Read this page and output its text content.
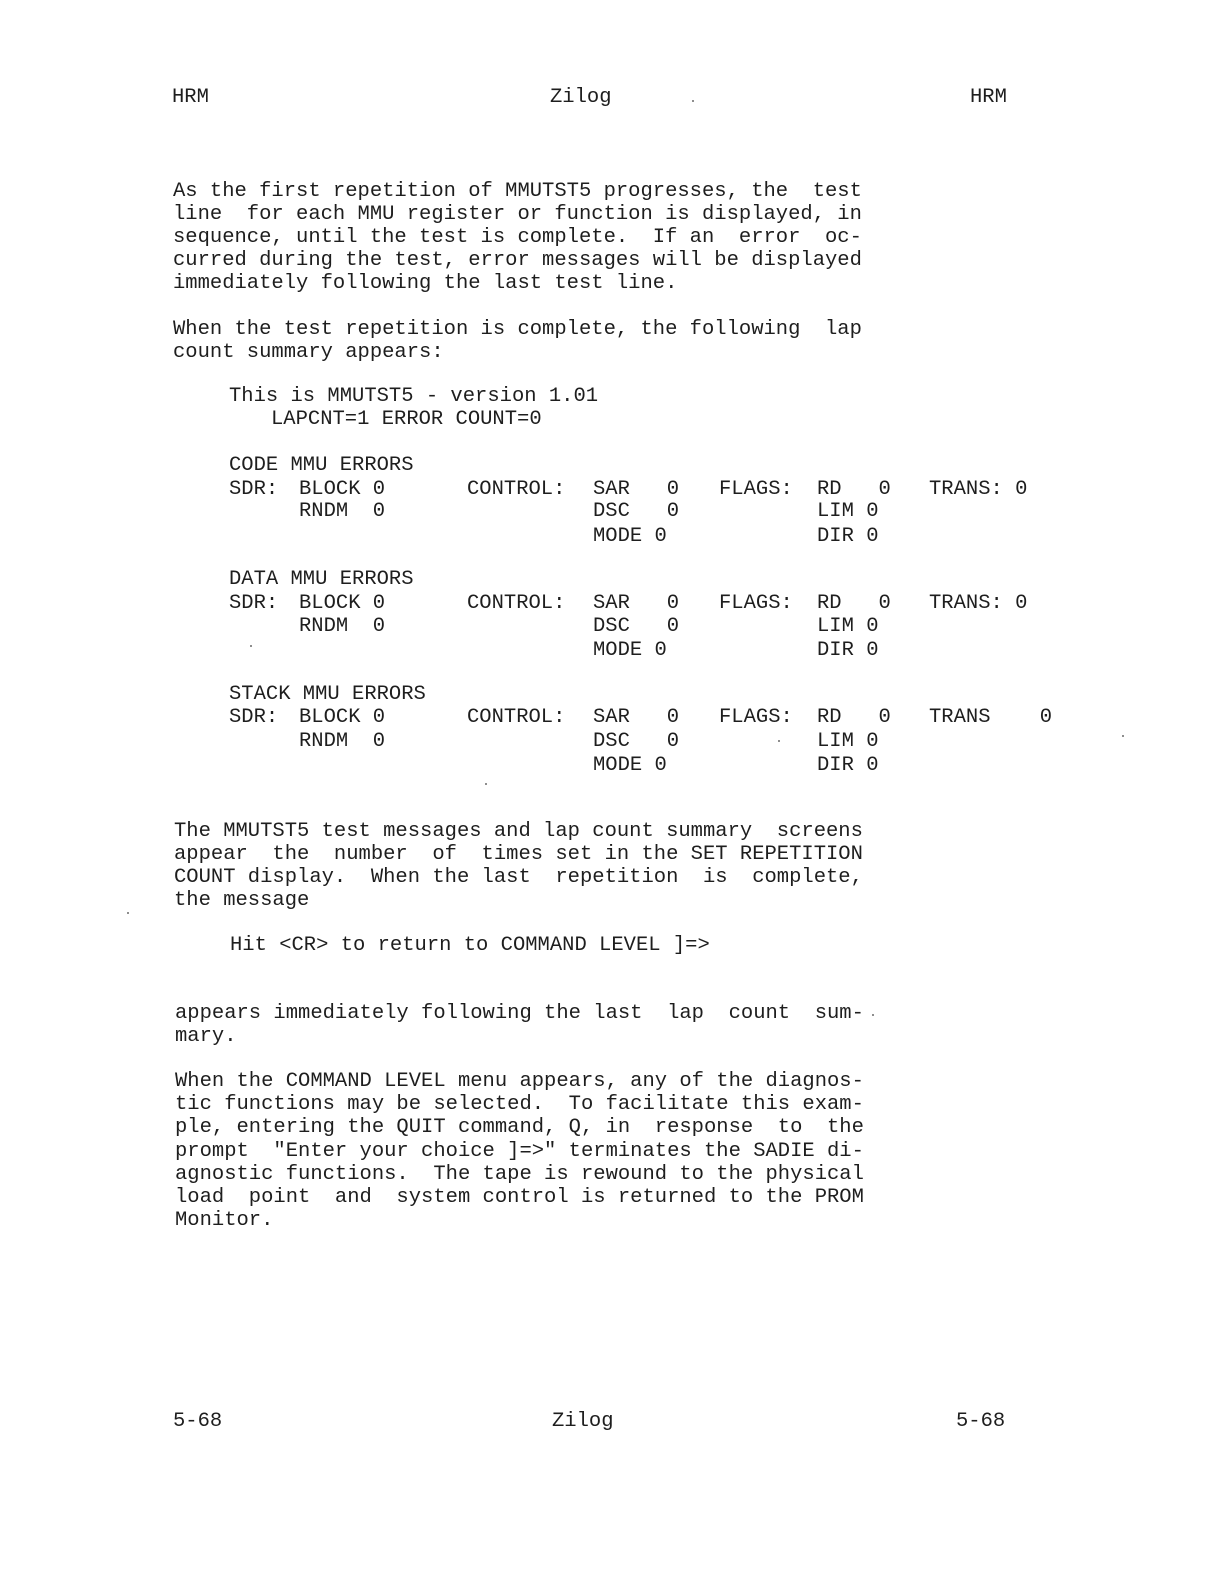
HRM	Zilog	HRM
As the first repetition of MMUTST5 progresses, the  test
line  for each MMU register or function is displayed, in
sequence, until the test is complete.  If an  error  oc-
curred during the test, error messages will be displayed
immediately following the last test line.
When the test repetition is complete, the following  lap
count summary appears:
This is MMUTST5 - version 1.01
LAPCNT=1 ERROR COUNT=0
CODE MMU ERRORS
SDR: BLOCK 0	CONTROL: SAR   0 FLAGS: RD   0 TRANS: 0
RNDM  0	DSC   0	LIM 0
MODE 0	DIR 0
DATA MMU ERRORS
SDR: BLOCK 0	CONTROL: SAR   0 FLAGS: RD   0 TRANS: 0
RNDM  0	DSC   0	LIM 0
MODE 0	DIR 0
STACK MMU ERRORS
SDR: BLOCK 0	CONTROL: SAR   0 FLAGS: RD   0 TRANS    0
RNDM  0	DSC   0	LIM 0
MODE 0	DIR 0
The MMUTST5 test messages and lap count summary  screens
appear  the  number  of  times set in the SET REPETITION
COUNT display.  When the last  repetition  is  complete,
the message
Hit <CR> to return to COMMAND LEVEL ]=>
appears immediately following the last  lap  count  sum-
mary.
When the COMMAND LEVEL menu appears, any of the diagnos-
tic functions may be selected.  To facilitate this exam-
ple, entering the QUIT command, Q, in  response  to  the
prompt  "Enter your choice ]=>" terminates the SADIE di-
agnostic functions.  The tape is rewound to the physical
load  point  and  system control is returned to the PROM
Monitor.
5-68	Zilog	5-68
